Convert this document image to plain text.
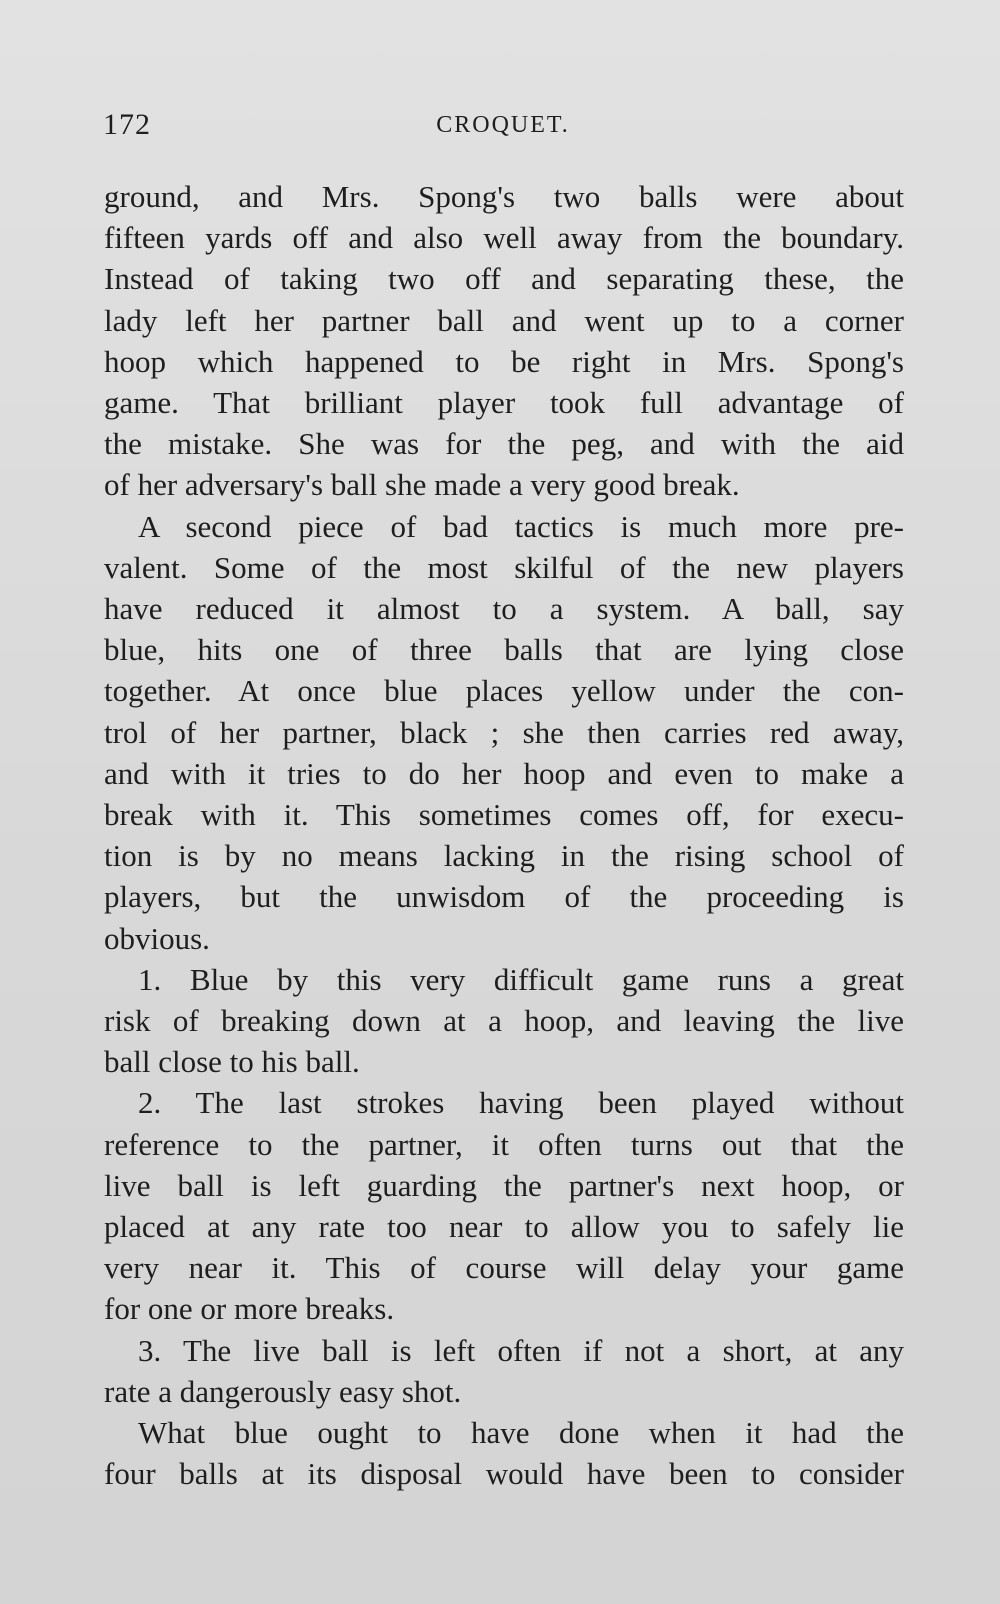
172	CROQUET.
ground, and Mrs. Spong's two balls were about
fifteen yards off and also well away from the boundary.
Instead of taking two off and separating these, the
lady left her partner ball and went up to a corner
hoop which happened to be right in Mrs. Spong's
game. That brilliant player took full advantage of
the mistake. She was for the peg, and with the aid
of her adversary's ball she made a very good break.
A second piece of bad tactics is much more pre-
valent. Some of the most skilful of the new players
have reduced it almost to a system. A ball, say
blue, hits one of three balls that are lying close
together. At once blue places yellow under the con-
trol of her partner, black ; she then carries red away,
and with it tries to do her hoop and even to make a
break with it. This sometimes comes off, for execu-
tion is by no means lacking in the rising school of
players, but the unwisdom of the proceeding is
obvious.
1. Blue by this very difficult game runs a great
risk of breaking down at a hoop, and leaving the live
ball close to his ball.
2. The last strokes having been played without
reference to the partner, it often turns out that the
live ball is left guarding the partner's next hoop, or
placed at any rate too near to allow you to safely lie
very near it. This of course will delay your game
for one or more breaks.
3. The live ball is left often if not a short, at any
rate a dangerously easy shot.
What blue ought to have done when it had the
four balls at its disposal would have been to consider
